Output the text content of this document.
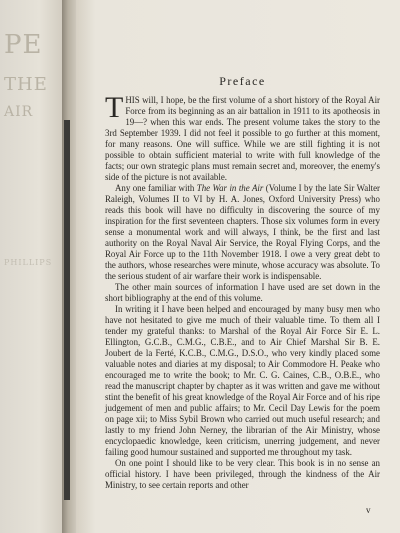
PE
THE
AIR
PHILLIPS
Preface

THIS will, I hope, be the first volume of a short history of the Royal Air Force from its beginning as an air battalion in 1911 to its apotheosis in 19—? when this war ends. The present volume takes the story to the 3rd September 1939. I did not feel it possible to go further at this moment, for many reasons. One will suffice. While we are still fighting it is not possible to obtain sufficient material to write with full knowledge of the facts; our own strategic plans must remain secret and, moreover, the enemy's side of the picture is not available.

Any one familiar with The War in the Air (Volume I by the late Sir Walter Raleigh, Volumes II to VI by H. A. Jones, Oxford University Press) who reads this book will have no difficulty in discovering the source of my inspiration for the first seventeen chapters. Those six volumes form in every sense a monumental work and will always, I think, be the first and last authority on the Royal Naval Air Service, the Royal Flying Corps, and the Royal Air Force up to the 11th November 1918. I owe a very great debt to the authors, whose researches were minute, whose accuracy was absolute. To the serious student of air warfare their work is indispensable.

The other main sources of information I have used are set down in the short bibliography at the end of this volume.

In writing it I have been helped and encouraged by many busy men who have not hesitated to give me much of their valuable time. To them all I tender my grateful thanks: to Marshal of the Royal Air Force Sir E. L. Ellington, G.C.B., C.M.G., C.B.E., and to Air Chief Marshal Sir B. E. Joubert de la Ferté, K.C.B., C.M.G., D.S.O., who very kindly placed some valuable notes and diaries at my disposal; to Air Commodore H. Peake who encouraged me to write the book; to Mr. C. G. Caines, C.B., O.B.E., who read the manuscript chapter by chapter as it was written and gave me without stint the benefit of his great knowledge of the Royal Air Force and of his ripe judgement of men and public affairs; to Mr. Cecil Day Lewis for the poem on page xii; to Miss Sybil Brown who carried out much useful research; and lastly to my friend John Nerney, the librarian of the Air Ministry, whose encyclopaedic knowledge, keen criticism, unerring judgement, and never failing good humour sustained and supported me throughout my task.

On one point I should like to be very clear. This book is in no sense an official history. I have been privileged, through the kindness of the Air Ministry, to see certain reports and other

v
